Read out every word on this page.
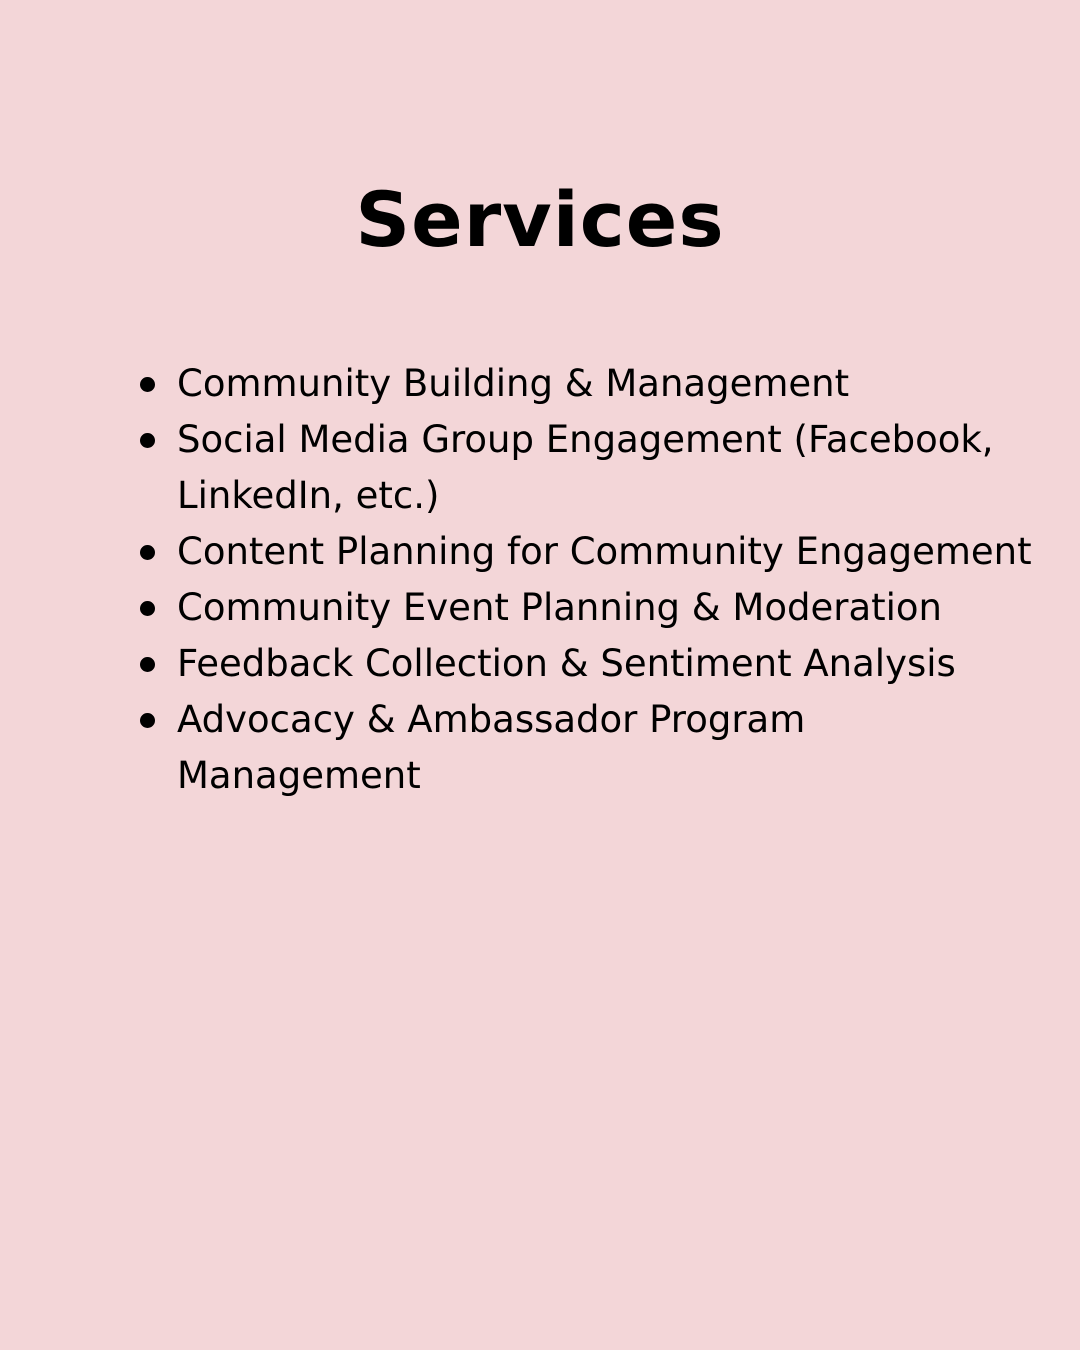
Services
Community Building & Management
Social Media Group Engagement (Facebook, LinkedIn, etc.)
Content Planning for Community Engagement
Community Event Planning & Moderation
Feedback Collection & Sentiment Analysis
Advocacy & Ambassador Program Management
